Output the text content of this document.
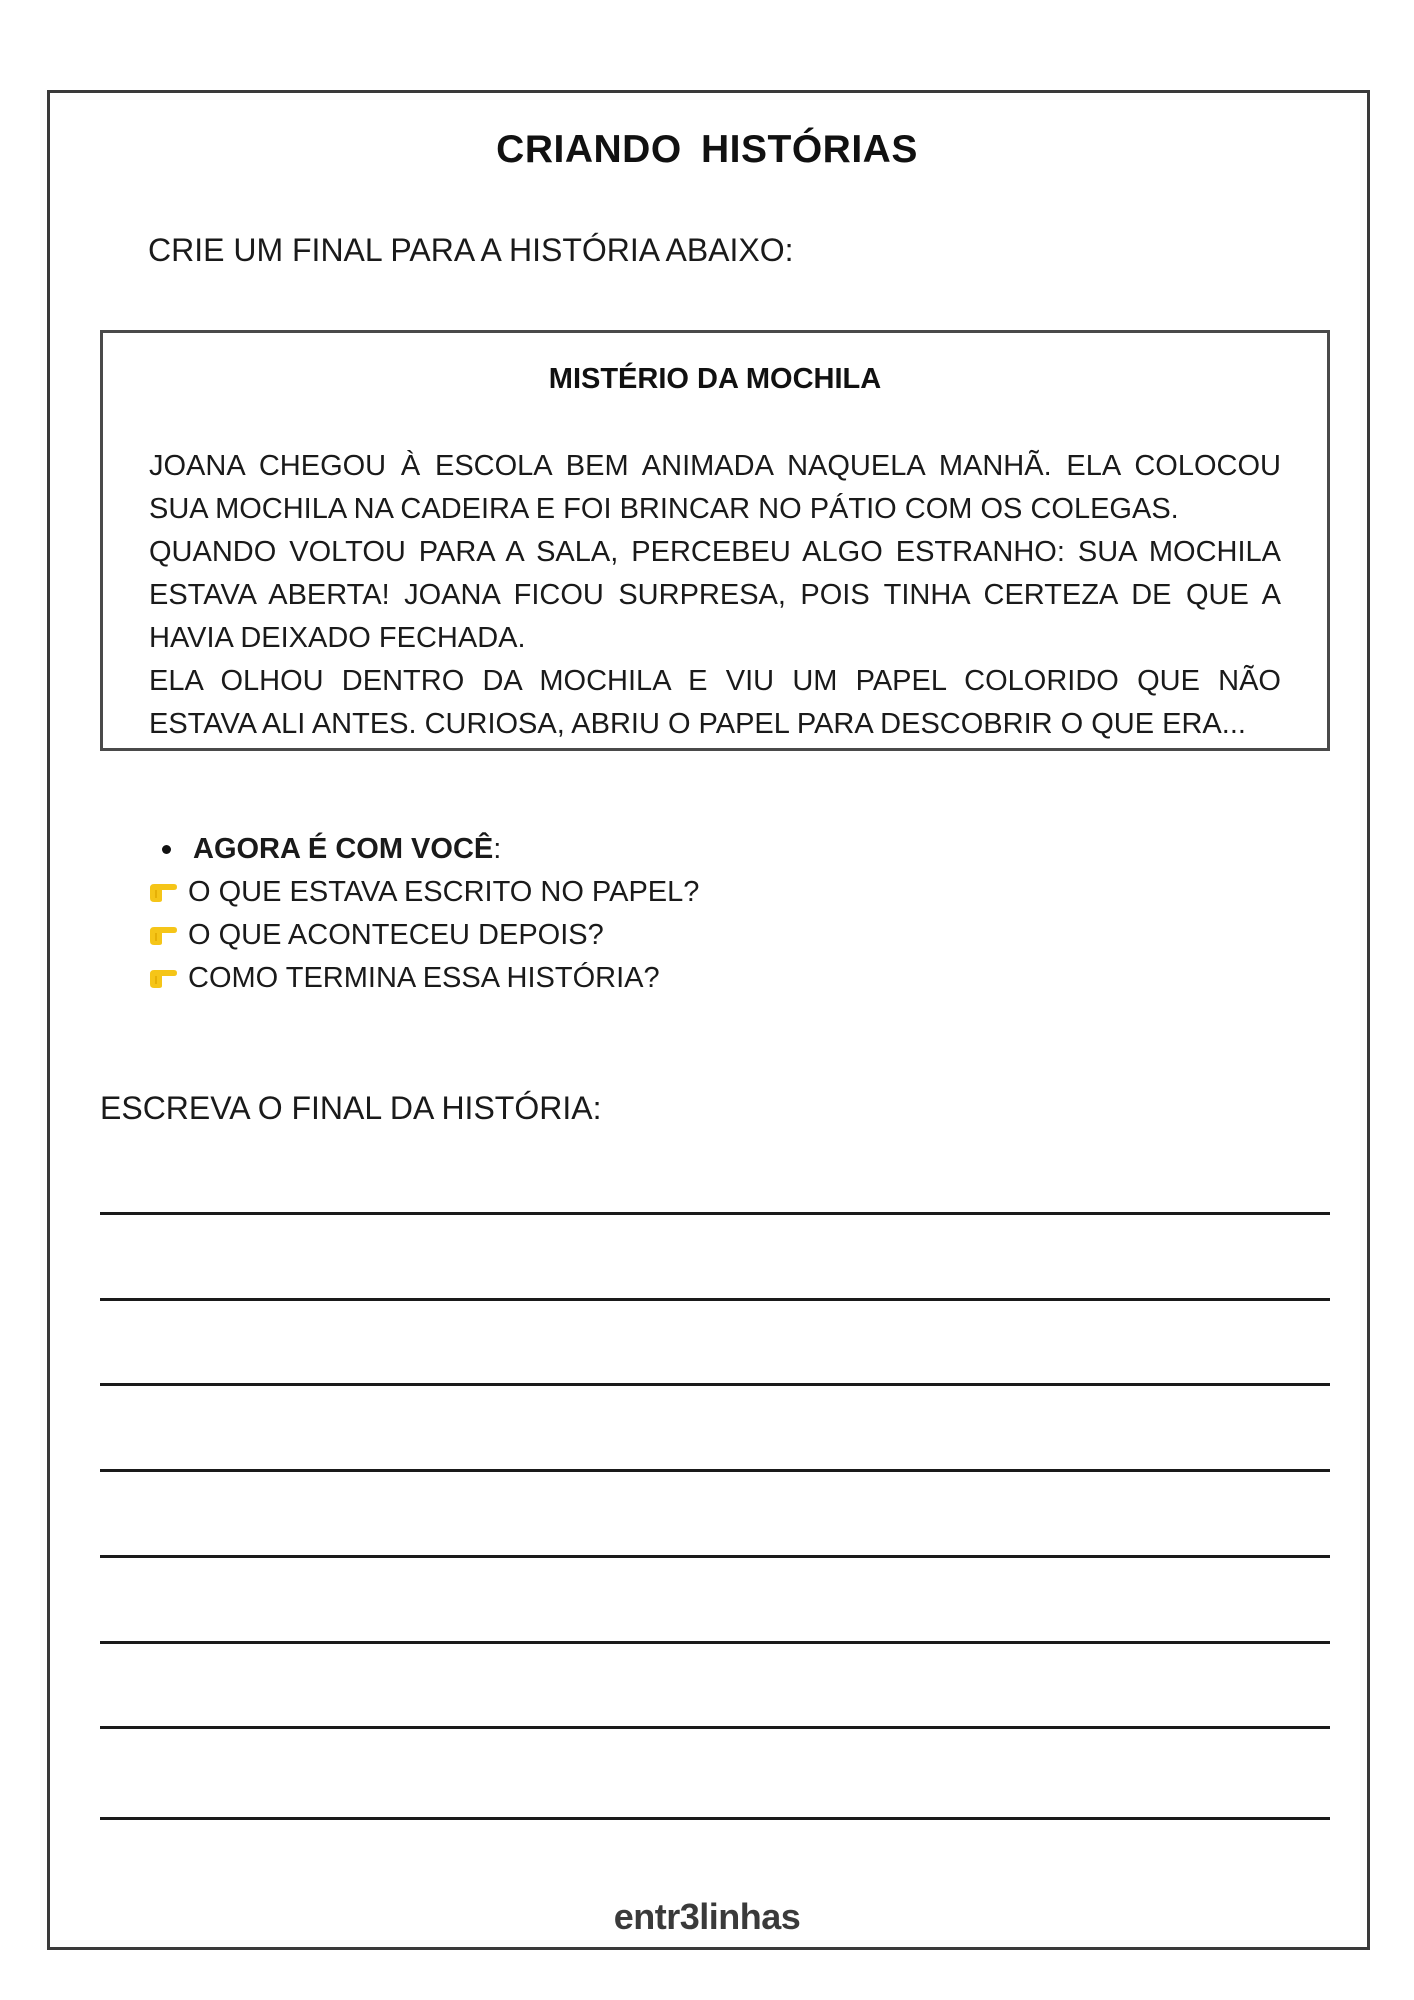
CRIANDO HISTÓRIAS
CRIE UM FINAL PARA A HISTÓRIA ABAIXO:
MISTÉRIO DA MOCHILA

JOANA CHEGOU À ESCOLA BEM ANIMADA NAQUELA MANHÃ. ELA COLOCOU SUA MOCHILA NA CADEIRA E FOI BRINCAR NO PÁTIO COM OS COLEGAS.

QUANDO VOLTOU PARA A SALA, PERCEBEU ALGO ESTRANHO: SUA MOCHILA ESTAVA ABERTA! JOANA FICOU SURPRESA, POIS TINHA CERTEZA DE QUE A HAVIA DEIXADO FECHADA.

ELA OLHOU DENTRO DA MOCHILA E VIU UM PAPEL COLORIDO QUE NÃO ESTAVA ALI ANTES. CURIOSA, ABRIU O PAPEL PARA DESCOBRIR O QUE ERA...

AGORA É COM VOCÊ :
O QUE ESTAVA ESCRITO NO PAPEL?
O QUE ACONTECEU DEPOIS?
COMO TERMINA ESSA HISTÓRIA?
ESCREVA O FINAL DA HISTÓRIA:
entr3linhas
